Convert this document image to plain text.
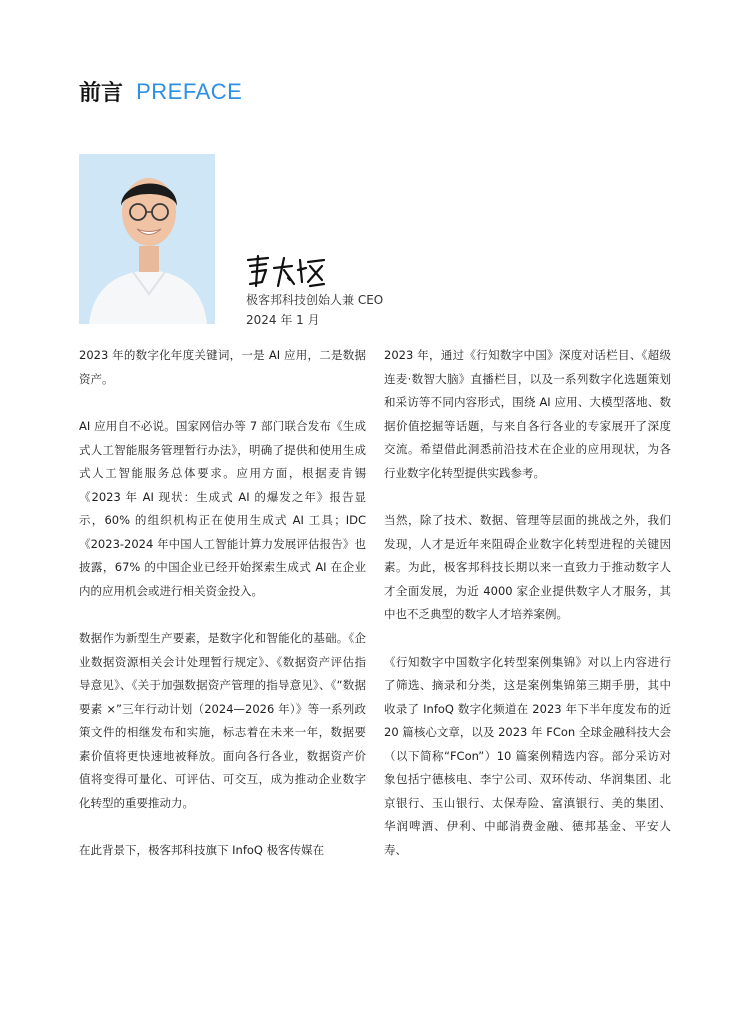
前言 PREFACE
极客邦科技创始人兼 CEO
2024 年 1 月

2023 年的数字化年度关键词，一是 AI 应用，二是数据资产。

AI 应用自不必说。国家网信办等 7 部门联合发布《生成式人工智能服务管理暂行办法》，明确了提供和使用生成式人工智能服务总体要求。应用方面，根据麦肯锡《2023 年 AI 现状：生成式 AI 的爆发之年》报告显示，60% 的组织机构正在使用生成式 AI 工具；IDC 《2023-2024 年中国人工智能计算力发展评估报告》也披露，67% 的中国企业已经开始探索生成式 AI 在企业内的应用机会或进行相关资金投入。

数据作为新型生产要素，是数字化和智能化的基础。《企业数据资源相关会计处理暂行规定》、《数据资产评估指导意见》、《关于加强数据资产管理的指导意见》、《“数据要素 ×”三年行动计划（2024—2026 年）》等一系列政策文件的相继发布和实施，标志着在未来一年，数据要素价值将更快速地被释放。面向各行各业，数据资产价值将变得可量化、可评估、可交互，成为推动企业数字化转型的重要推动力。

在此背景下，极客邦科技旗下 InfoQ 极客传媒在

2023 年，通过《行知数字中国》深度对话栏目、《超级连麦·数智大脑》直播栏目，以及一系列数字化选题策划和采访等不同内容形式，围绕 AI 应用、大模型落地、数据价值挖掘等话题，与来自各行各业的专家展开了深度交流。希望借此洞悉前沿技术在企业的应用现状，为各行业数字化转型提供实践参考。

当然，除了技术、数据、管理等层面的挑战之外，我们发现，人才是近年来阻碍企业数字化转型进程的关键因素。为此，极客邦科技长期以来一直致力于推动数字人才全面发展，为近 4000 家企业提供数字人才服务，其中也不乏典型的数字人才培养案例。

《行知数字中国数字化转型案例集锦》对以上内容进行了筛选、摘录和分类，这是案例集锦第三期手册，其中收录了 InfoQ 数字化频道在 2023 年下半年度发布的近 20 篇核心文章，以及 2023 年 FCon 全球金融科技大会（以下简称“FCon”）10 篇案例精选内容。部分采访对象包括宁德核电、李宁公司、双环传动、华润集团、北京银行、玉山银行、太保寿险、富滇银行、美的集团、华润啤酒、伊利、中邮消费金融、德邦基金、平安人寿、
